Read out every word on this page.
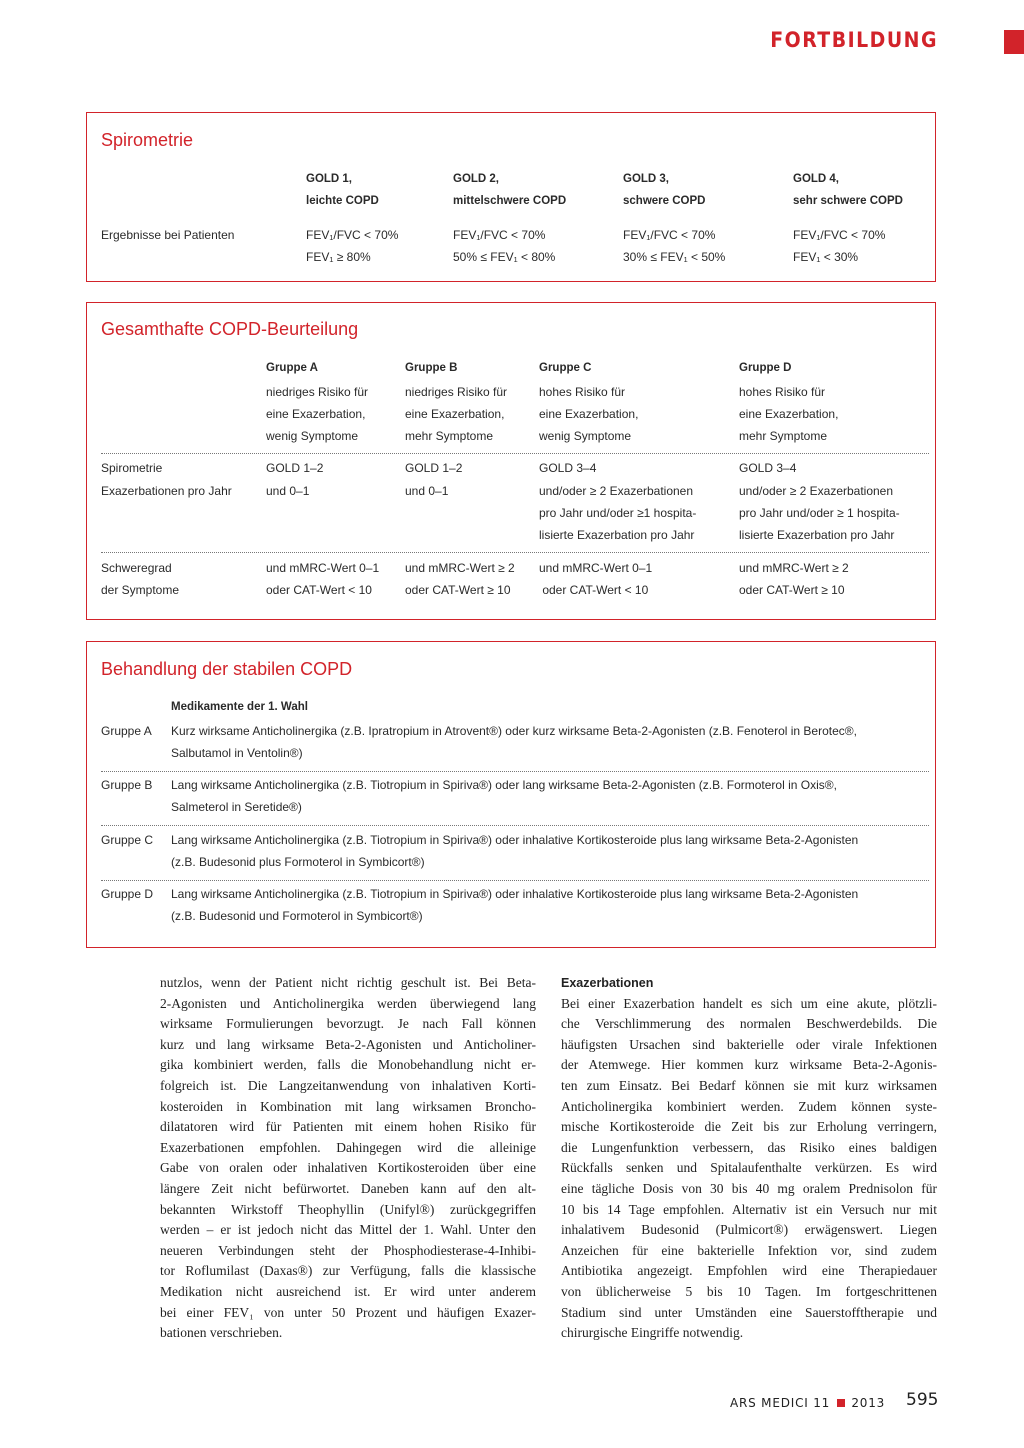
FORTBILDUNG
Spirometrie
GOLD 1,
leichte COPD
GOLD 2,
mittelschwere COPD
GOLD 3,
schwere COPD
GOLD 4,
sehr schwere COPD
Ergebnisse bei Patienten	FEV₁/FVC < 70%
FEV₁ ≥ 80%
FEV₁/FVC < 70%
50% ≤ FEV₁ < 80%
FEV₁/FVC < 70%
30% ≤ FEV₁ < 50%
FEV₁/FVC < 70%
FEV₁ < 30%
Gesamthafte COPD-Beurteilung
Gruppe A
niedriges Risiko für
eine Exazerbation,
wenig Symptome
Gruppe B
niedriges Risiko für
eine Exazerbation,
mehr Symptome
Gruppe C
hohes Risiko für
eine Exazerbation,
wenig Symptome
Gruppe D
hohes Risiko für
eine Exazerbation,
mehr Symptome
Spirometrie
Exazerbationen pro Jahr
GOLD 1–2
und 0–1
GOLD 1–2
und 0–1
GOLD 3–4
und/oder ≥ 2 Exazerbationen
pro Jahr und/oder ≥1 hospita-
lisierte Exazerbation pro Jahr
GOLD 3–4
und/oder ≥ 2 Exazerbationen
pro Jahr und/oder ≥ 1 hospita-
lisierte Exazerbation pro Jahr
Schweregrad
der Symptome
und mMRC-Wert 0–1
oder CAT-Wert < 10
und mMRC-Wert ≥ 2
oder CAT-Wert ≥ 10
und mMRC-Wert 0–1
oder CAT-Wert < 10
und mMRC-Wert ≥ 2
oder CAT-Wert ≥ 10
Behandlung der stabilen COPD
Medikamente der 1. Wahl
Gruppe A Kurz wirksame Anticholinergika (z.B. Ipratropium in Atrovent®) oder kurz wirksame Beta-2-Agonisten (z.B. Fenoterol in Berotec®,
Salbutamol in Ventolin®)
Gruppe B Lang wirksame Anticholinergika (z.B. Tiotropium in Spiriva®) oder lang wirksame Beta-2-Agonisten (z.B. Formoterol in Oxis®,
Salmeterol in Seretide®)
Gruppe C Lang wirksame Anticholinergika (z.B. Tiotropium in Spiriva®) oder inhalative Kortikosteroide plus lang wirksame Beta-2-Agonisten
(z.B. Budesonid plus Formoterol in Symbicort®)
Gruppe D Lang wirksame Anticholinergika (z.B. Tiotropium in Spiriva®) oder inhalative Kortikosteroide plus lang wirksame Beta-2-Agonisten
(z.B. Budesonid und Formoterol in Symbicort®)
nutzlos, wenn der Patient nicht richtig geschult ist. Bei Beta-
2-Agonisten und Anticholinergika werden überwiegend lang
wirksame Formulierungen bevorzugt. Je nach Fall können
kurz und lang wirksame Beta-2-Agonisten und Anticholiner-
gika kombiniert werden, falls die Monobehandlung nicht er-
folgreich ist. Die Langzeitanwendung von inhalativen Korti-
kosteroiden in Kombination mit lang wirksamen Broncho-
dilatatoren wird für Patienten mit einem hohen Risiko für
Exazerbationen empfohlen. Dahingegen wird die alleinige
Gabe von oralen oder inhalativen Kortikosteroiden über eine
längere Zeit nicht befürwortet. Daneben kann auf den alt-
bekannten Wirkstoff Theophyllin (Unifyl®) zurückgegriffen
werden – er ist jedoch nicht das Mittel der 1. Wahl. Unter den
neueren Verbindungen steht der Phosphodiesterase-4-Inhibi-
tor Roflumilast (Daxas®) zur Verfügung, falls die klassische
Medikation nicht ausreichend ist. Er wird unter anderem
bei einer FEV₁ von unter 50 Prozent und häufigen Exazer-
bationen verschrieben.

Exazerbationen

Bei einer Exazerbation handelt es sich um eine akute, plötzli-
che Verschlimmerung des normalen Beschwerdebilds. Die
häufigsten Ursachen sind bakterielle oder virale Infektionen
der Atemwege. Hier kommen kurz wirksame Beta-2-Agonis-
ten zum Einsatz. Bei Bedarf können sie mit kurz wirksamen
Anticholinergika kombiniert werden. Zudem können syste-
mische Kortikosteroide die Zeit bis zur Erholung verringern,
die Lungenfunktion verbessern, das Risiko eines baldigen
Rückfalls senken und Spitalaufenthalte verkürzen. Es wird
eine tägliche Dosis von 30 bis 40 mg oralem Prednisolon für
10 bis 14 Tage empfohlen. Alternativ ist ein Versuch nur mit
inhalativem Budesonid (Pulmicort®) erwägenswert. Liegen
Anzeichen für eine bakterielle Infektion vor, sind zudem
Antibiotika angezeigt. Empfohlen wird eine Therapiedauer
von üblicherweise 5 bis 10 Tagen. Im fortgeschrittenen
Stadium sind unter Umständen eine Sauerstofftherapie und
chirurgische Eingriffe notwendig.
ARS MEDICI 11 2013 595
